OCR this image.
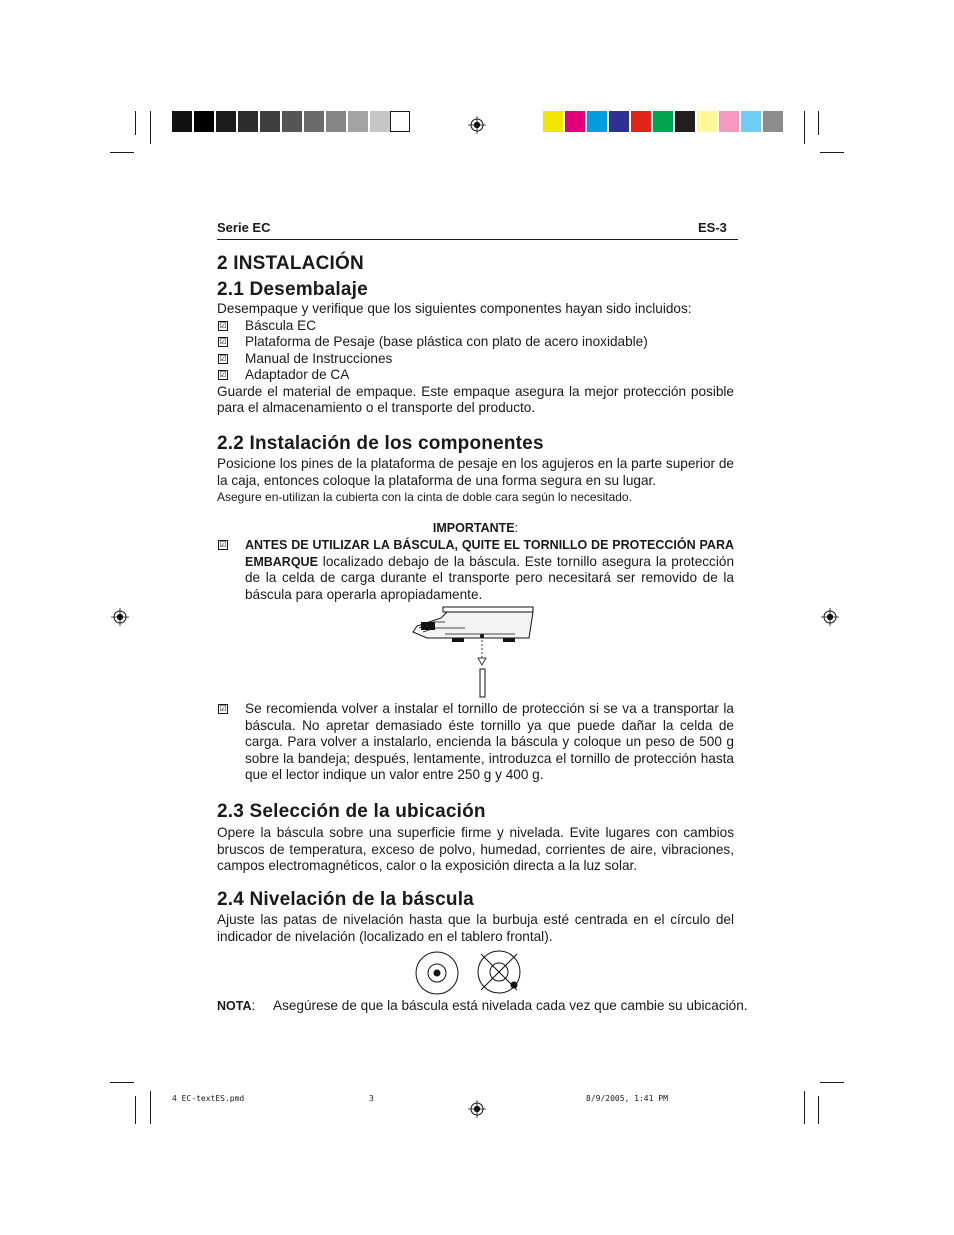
Serie EC	ES-3
2 INSTALACIÓN
2.1 Desembalaje

Desempaque y verifique que los siguientes componentes hayan sido incluidos:

☑ Báscula EC
☑ Plataforma de Pesaje (base plástica con plato de acero inoxidable)
☑ Manual de Instrucciones
☑ Adaptador de CA

Guarde el material de empaque. Este empaque asegura la mejor protección posible para el almacenamiento o el transporte del producto.

2.2 Instalación de los componentes

Posicione los pines de la plataforma de pesaje en los agujeros en la parte superior de la caja, entonces coloque la plataforma de una forma segura en su lugar.

Asegure en-utilizan la cubierta con la cinta de doble cara según lo necesitado.

IMPORTANTE:
☑ ANTES DE UTILIZAR LA BÁSCULA, QUITE EL TORNILLO DE PROTECCIÓN PARA EMBARQUE localizado debajo de la báscula. Este tornillo asegura la protección de la celda de carga durante el transporte pero necesitará ser removido de la báscula para operarla apropiadamente.

☑ Se recomienda volver a instalar el tornillo de protección si se va a transportar la báscula. No apretar demasiado éste tornillo ya que puede dañar la celda de carga. Para volver a instalarlo, encienda la báscula y coloque un peso de 500 g sobre la bandeja; después, lentamente, introduzca el tornillo de protección hasta que el lector indique un valor entre 250 g y 400 g.

2.3 Selección de la ubicación

Opere la báscula sobre una superficie firme y nivelada. Evite lugares con cambios bruscos de temperatura, exceso de polvo, humedad, corrientes de aire, vibraciones, campos electromagnéticos, calor o la exposición directa a la luz solar.

2.4 Nivelación de la báscula

Ajuste las patas de nivelación hasta que la burbuja esté centrada en el círculo del indicador de nivelación (localizado en el tablero frontal).

NOTA: Asegúrese de que la báscula está nivelada cada vez que cambie su ubicación.
4 EC-textES.pmd	3	8/9/2005, 1:41 PM
